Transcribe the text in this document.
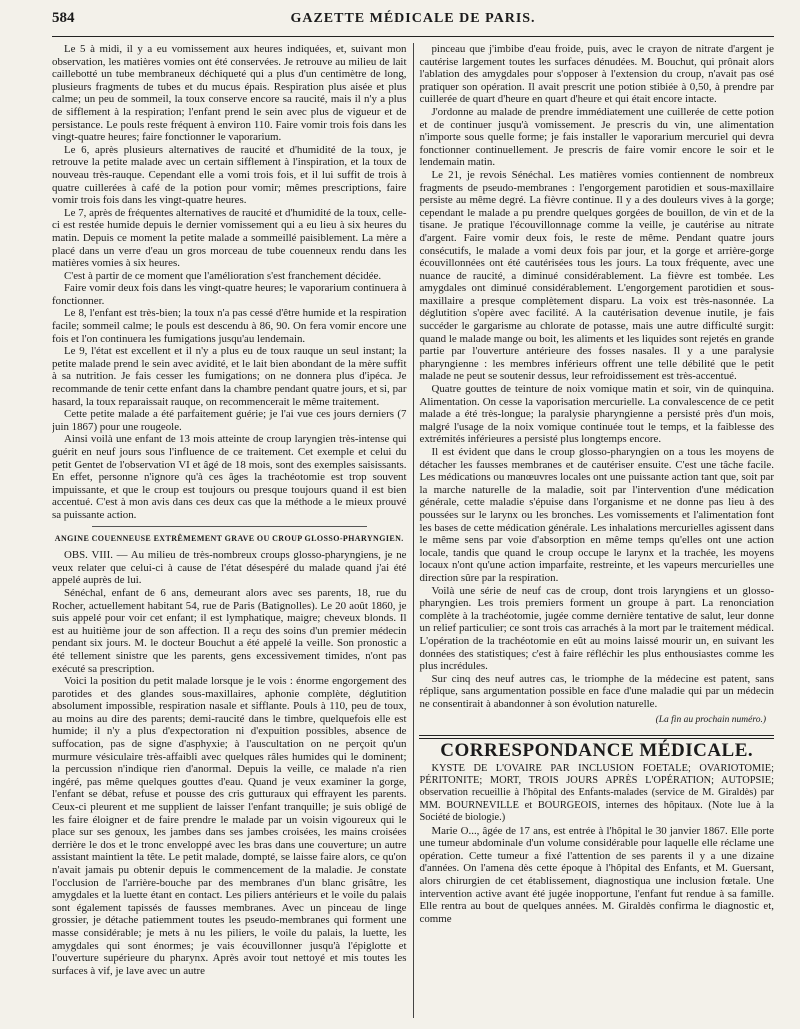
584	GAZETTE MÉDICALE DE PARIS.

Le 5 à midi, il y a eu vomissement aux heures indiquées, et, suivant mon observation, les matières vomies ont été conservées. Je retrouve au milieu de lait caillebotté un tube membraneux déchiqueté qui a plus d'un centimètre de long, plusieurs fragments de tubes et du mucus épais. Respiration plus aisée et plus calme; un peu de sommeil, la toux conserve encore sa raucité, mais il n'y a plus de sifflement à la respiration; l'enfant prend le sein avec plus de vigueur et de persistance. Le pouls reste fréquent à environ 110. Faire vomir trois fois dans les vingt-quatre heures; faire fonctionner le vaporarium.

Le 6, après plusieurs alternatives de raucité et d'humidité de la toux, je retrouve la petite malade avec un certain sifflement à l'inspiration, et la toux de nouveau très-rauque. Cependant elle a vomi trois fois, et il lui suffit de trois à quatre cuillerées à café de la potion pour vomir; mêmes prescriptions, faire vomir trois fois dans les vingt-quatre heures.

Le 7, après de fréquentes alternatives de raucité et d'humidité de la toux, celle-ci est restée humide depuis le dernier vomissement qui a eu lieu à six heures du matin. Depuis ce moment la petite malade a sommeillé paisiblement. La mère a placé dans un verre d'eau un gros morceau de tube couenneux rendu dans les matières vomies à six heures.

C'est à partir de ce moment que l'amélioration s'est franchement décidée.

Faire vomir deux fois dans les vingt-quatre heures; le vaporarium continuera à fonctionner.

Le 8, l'enfant est très-bien; la toux n'a pas cessé d'être humide et la respiration facile; sommeil calme; le pouls est descendu à 86, 90. On fera vomir encore une fois et l'on continuera les fumigations jusqu'au lendemain.

Le 9, l'état est excellent et il n'y a plus eu de toux rauque un seul instant; la petite malade prend le sein avec avidité, et le lait bien abondant de la mère suffit à sa nutrition. Je fais cesser les fumigations; on ne donnera plus d'ipéca. Je recommande de tenir cette enfant dans la chambre pendant quatre jours, et si, par hasard, la toux reparaissait rauque, on recommencerait le même traitement.

Cette petite malade a été parfaitement guérie; je l'ai vue ces jours derniers (7 juin 1867) pour une rougeole.

Ainsi voilà une enfant de 13 mois atteinte de croup laryngien très-intense qui guérit en neuf jours sous l'influence de ce traitement. Cet exemple et celui du petit Gentet de l'observation VI et âgé de 18 mois, sont des exemples saisissants. En effet, personne n'ignore qu'à ces âges la trachéotomie est trop souvent impuissante, et que le croup est toujours ou presque toujours quand il est bien accentué. C'est à mon avis dans ces deux cas que la méthode a le mieux prouvé sa puissante action.

ANGINE COUENNEUSE EXTRÊMEMENT GRAVE OU CROUP GLOSSO-PHARYNGIEN.

OBS. VIII. — Au milieu de très-nombreux croups glosso-pharyngiens, je ne veux relater que celui-ci à cause de l'état désespéré du malade quand j'ai été appelé auprès de lui.

Sénéchal, enfant de 6 ans, demeurant alors avec ses parents, 18, rue du Rocher, actuellement habitant 54, rue de Paris (Batignolles). Le 20 août 1860, je suis appelé pour voir cet enfant; il est lymphatique, maigre; cheveux blonds. Il est au huitième jour de son affection. Il a reçu des soins d'un premier médecin pendant six jours. M. le docteur Bouchut a été appelé la veille. Son pronostic a été tellement sinistre que les parents, gens excessivement timides, n'ont pas exécuté sa prescription.

Voici la position du petit malade lorsque je le vois : énorme engorgement des parotides et des glandes sous-maxillaires, aphonie complète, déglutition absolument impossible, respiration nasale et sifflante. Pouls à 110, peu de toux, au moins au dire des parents; demi-raucité dans le timbre, quelquefois elle est humide; il n'y a plus d'expectoration ni d'expuition possibles, absence de suffocation, pas de signe d'asphyxie; à l'auscultation on ne perçoit qu'un murmure vésiculaire très-affaibli avec quelques râles humides qui le dominent; la percussion n'indique rien d'anormal. Depuis la veille, ce malade n'a rien ingéré, pas même quelques gouttes d'eau. Quand je veux examiner la gorge, l'enfant se débat, refuse et pousse des cris gutturaux qui effrayent les parents. Ceux-ci pleurent et me supplient de laisser l'enfant tranquille; je suis obligé de les faire éloigner et de faire prendre le malade par un voisin vigoureux qui le place sur ses genoux, les jambes dans ses jambes croisées, les mains croisées derrière le dos et le tronc enveloppé avec les bras dans une couverture; un autre assistant maintient la tête. Le petit malade, dompté, se laisse faire alors, ce qu'on n'avait jamais pu obtenir depuis le commencement de la maladie. Je constate l'occlusion de l'arrière-bouche par des membranes d'un blanc grisâtre, les amygdales et la luette étant en contact. Les piliers antérieurs et le voile du palais sont également tapissés de fausses membranes. Avec un pinceau de linge grossier, je détache patiemment toutes les pseudo-membranes qui forment une masse considérable; je mets à nu les piliers, le voile du palais, la luette, les amygdales qui sont énormes; je vais écouvillonner jusqu'à l'épiglotte et l'ouverture supérieure du pharynx. Après avoir tout nettoyé et mis toutes les surfaces à vif, je lave avec un autre

pinceau que j'imbibe d'eau froide, puis, avec le crayon de nitrate d'argent je cautérise largement toutes les surfaces dénudées. M. Bouchut, qui prônait alors l'ablation des amygdales pour s'opposer à l'extension du croup, n'avait pas osé pratiquer son opération. Il avait prescrit une potion stibiée à 0,50, à prendre par cuillerée de quart d'heure en quart d'heure et qui était encore intacte.

J'ordonne au malade de prendre immédiatement une cuillerée de cette potion et de continuer jusqu'à vomissement. Je prescris du vin, une alimentation n'importe sous quelle forme; je fais installer le vaporarium mercuriel qui devra fonctionner continuellement. Je prescris de faire vomir encore le soir et le lendemain matin.

Le 21, je revois Sénéchal. Les matières vomies contiennent de nombreux fragments de pseudo-membranes : l'engorgement parotidien et sous-maxillaire persiste au même degré. La fièvre continue. Il y a des douleurs vives à la gorge; cependant le malade a pu prendre quelques gorgées de bouillon, de vin et de la tisane. Je pratique l'écouvillonnage comme la veille, je cautérise au nitrate d'argent. Faire vomir deux fois, le reste de même. Pendant quatre jours consécutifs, le malade a vomi deux fois par jour, et la gorge et arrière-gorge écouvillonnées ont été cautérisées tous les jours. La toux fréquente, avec une nuance de raucité, a diminué considérablement. La fièvre est tombée. Les amygdales ont diminué considérablement. L'engorgement parotidien et sous-maxillaire a presque complètement disparu. La voix est très-nasonnée. La déglutition s'opère avec facilité. A la cautérisation devenue inutile, je fais succéder le gargarisme au chlorate de potasse, mais une autre difficulté surgit: quand le malade mange ou boit, les aliments et les liquides sont rejetés en grande partie par l'ouverture antérieure des fosses nasales. Il y a une paralysie pharyngienne : les membres inférieurs offrent une telle débilité que le petit malade ne peut se soutenir dessus, leur refroidissement est très-accentué.

Quatre gouttes de teinture de noix vomique matin et soir, vin de quinquina. Alimentation. On cesse la vaporisation mercurielle. La convalescence de ce petit malade a été très-longue; la paralysie pharyngienne a persisté près d'un mois, malgré l'usage de la noix vomique continuée tout le temps, et la faiblesse des extrémités inférieures a persisté plus longtemps encore.

Il est évident que dans le croup glosso-pharyngien on a tous les moyens de détacher les fausses membranes et de cautériser ensuite. C'est une tâche facile. Les médications ou manœuvres locales ont une puissante action tant que, soit par la marche naturelle de la maladie, soit par l'intervention d'une médication générale, cette maladie s'épuise dans l'organisme et ne donne pas lieu à des poussées sur le larynx ou les bronches. Les vomissements et l'alimentation font les bases de cette médication générale. Les inhalations mercurielles agissent dans le même sens par voie d'absorption en même temps qu'elles ont une action locale, tandis que quand le croup occupe le larynx et la trachée, les moyens locaux n'ont qu'une action imparfaite, restreinte, et les vapeurs mercurielles une direction sûre par la respiration.

Voilà une série de neuf cas de croup, dont trois laryngiens et un glosso-pharyngien. Les trois premiers forment un groupe à part. La renonciation complète à la trachéotomie, jugée comme dernière tentative de salut, leur donne un relief particulier; ce sont trois cas arrachés à la mort par le traitement médical. L'opération de la trachéotomie en eût au moins laissé mourir un, en suivant les données des statistiques; c'est à faire réfléchir les plus enthousiastes comme les plus incrédules.

Sur cinq des neuf autres cas, le triomphe de la médecine est patent, sans réplique, sans argumentation possible en face d'une maladie qui par un médecin ne consentirait à abandonner à son évolution naturelle.

(La fin au prochain numéro.)
CORRESPONDANCE MÉDICALE.

KYSTE DE L'OVAIRE PAR INCLUSION FOETALE; OVARIOTOMIE; PÉRITONITE; MORT, TROIS JOURS APRÈS L'OPÉRATION; AUTOPSIE; observation recueillie à l'hôpital des Enfants-malades (service de M. Giraldès) par MM. BOURNEVILLE et BOURGEOIS, internes des hôpitaux. (Note lue à la Société de biologie.)

Marie O..., âgée de 17 ans, est entrée à l'hôpital le 30 janvier 1867. Elle porte une tumeur abdominale d'un volume considérable pour laquelle elle réclame une opération. Cette tumeur a fixé l'attention de ses parents il y a une dizaine d'années. On l'amena dès cette époque à l'hôpital des Enfants, et M. Guersant, alors chirurgien de cet établissement, diagnostiqua une inclusion fœtale. Une intervention active avant été jugée inopportune, l'enfant fut rendue à sa famille. Elle rentra au bout de quelques années. M. Giraldès confirma le diagnostic et, comme
